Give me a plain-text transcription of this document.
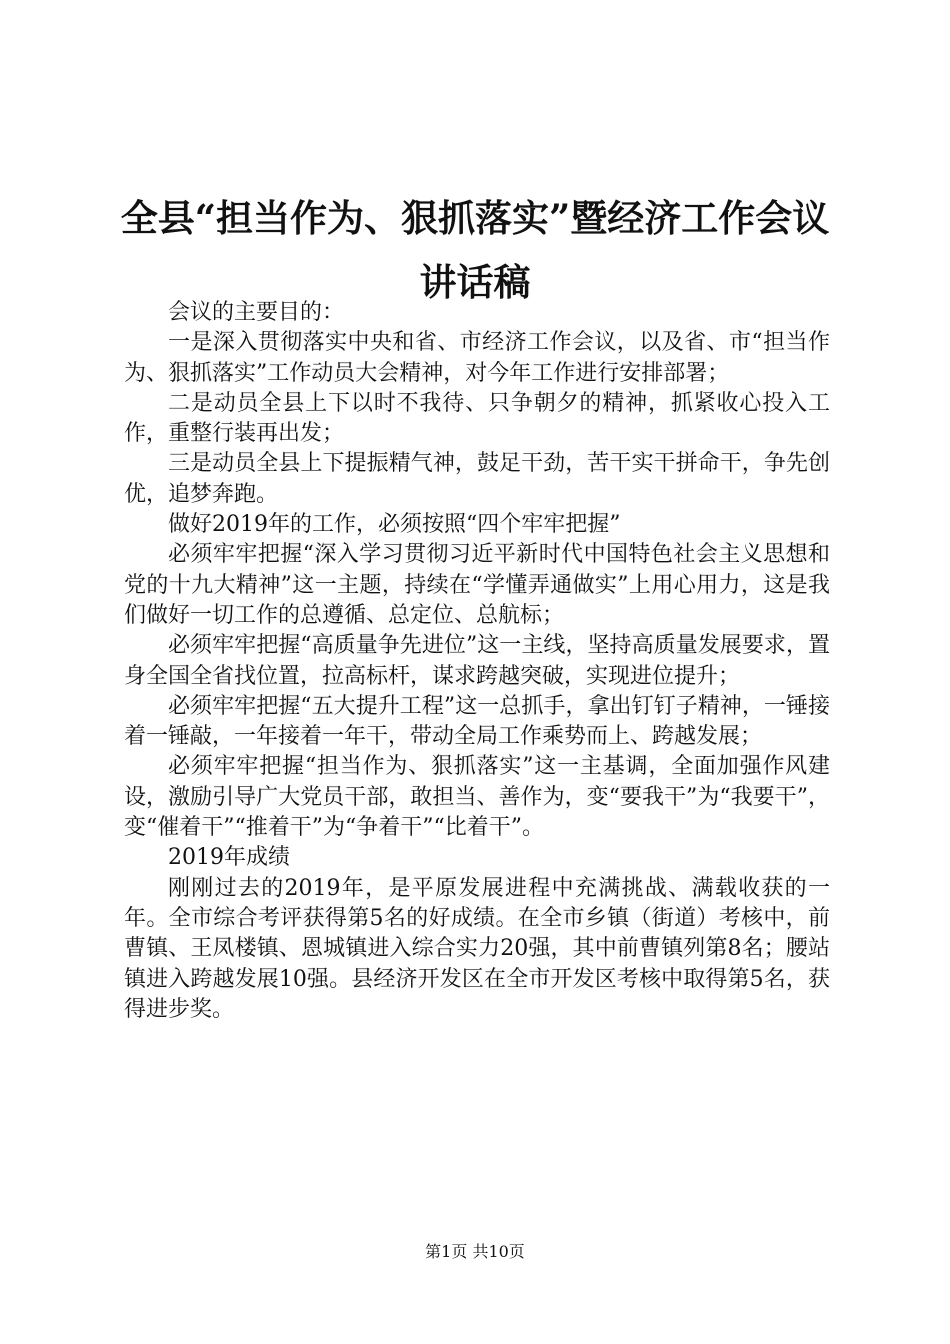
全县“担当作为、狠抓落实”暨经济工作会议
讲话稿

会议的主要目的：

一是深入贯彻落实中央和省、市经济工作会议，以及省、市“担当作为、狠抓落实”工作动员大会精神，对今年工作进行安排部署；

二是动员全县上下以时不我待、只争朝夕的精神，抓紧收心投入工作，重整行装再出发；

三是动员全县上下提振精气神，鼓足干劲，苦干实干拼命干，争先创优，追梦奔跑。

做好2019年的工作，必须按照“四个牢牢把握”

必须牢牢把握“深入学习贯彻习近平新时代中国特色社会主义思想和党的十九大精神”这一主题，持续在“学懂弄通做实”上用心用力，这是我们做好一切工作的总遵循、总定位、总航标；

必须牢牢把握“高质量争先进位”这一主线，坚持高质量发展要求，置身全国全省找位置，拉高标杆，谋求跨越突破，实现进位提升；

必须牢牢把握“五大提升工程”这一总抓手，拿出钉钉子精神，一锤接着一锤敲，一年接着一年干，带动全局工作乘势而上、跨越发展；

必须牢牢把握“担当作为、狠抓落实”这一主基调，全面加强作风建设，激励引导广大党员干部，敢担当、善作为，变“要我干”为“我要干”，变“催着干”“推着干”为“争着干”“比着干”。

2019年成绩

刚刚过去的2019年，是平原发展进程中充满挑战、满载收获的一年。全市综合考评获得第5名的好成绩。在全市乡镇（街道）考核中，前曹镇、王凤楼镇、恩城镇进入综合实力20强，其中前曹镇列第8名；腰站镇进入跨越发展10强。县经济开发区在全市开发区考核中取得第5名，获得进步奖。

第1页 共10页
